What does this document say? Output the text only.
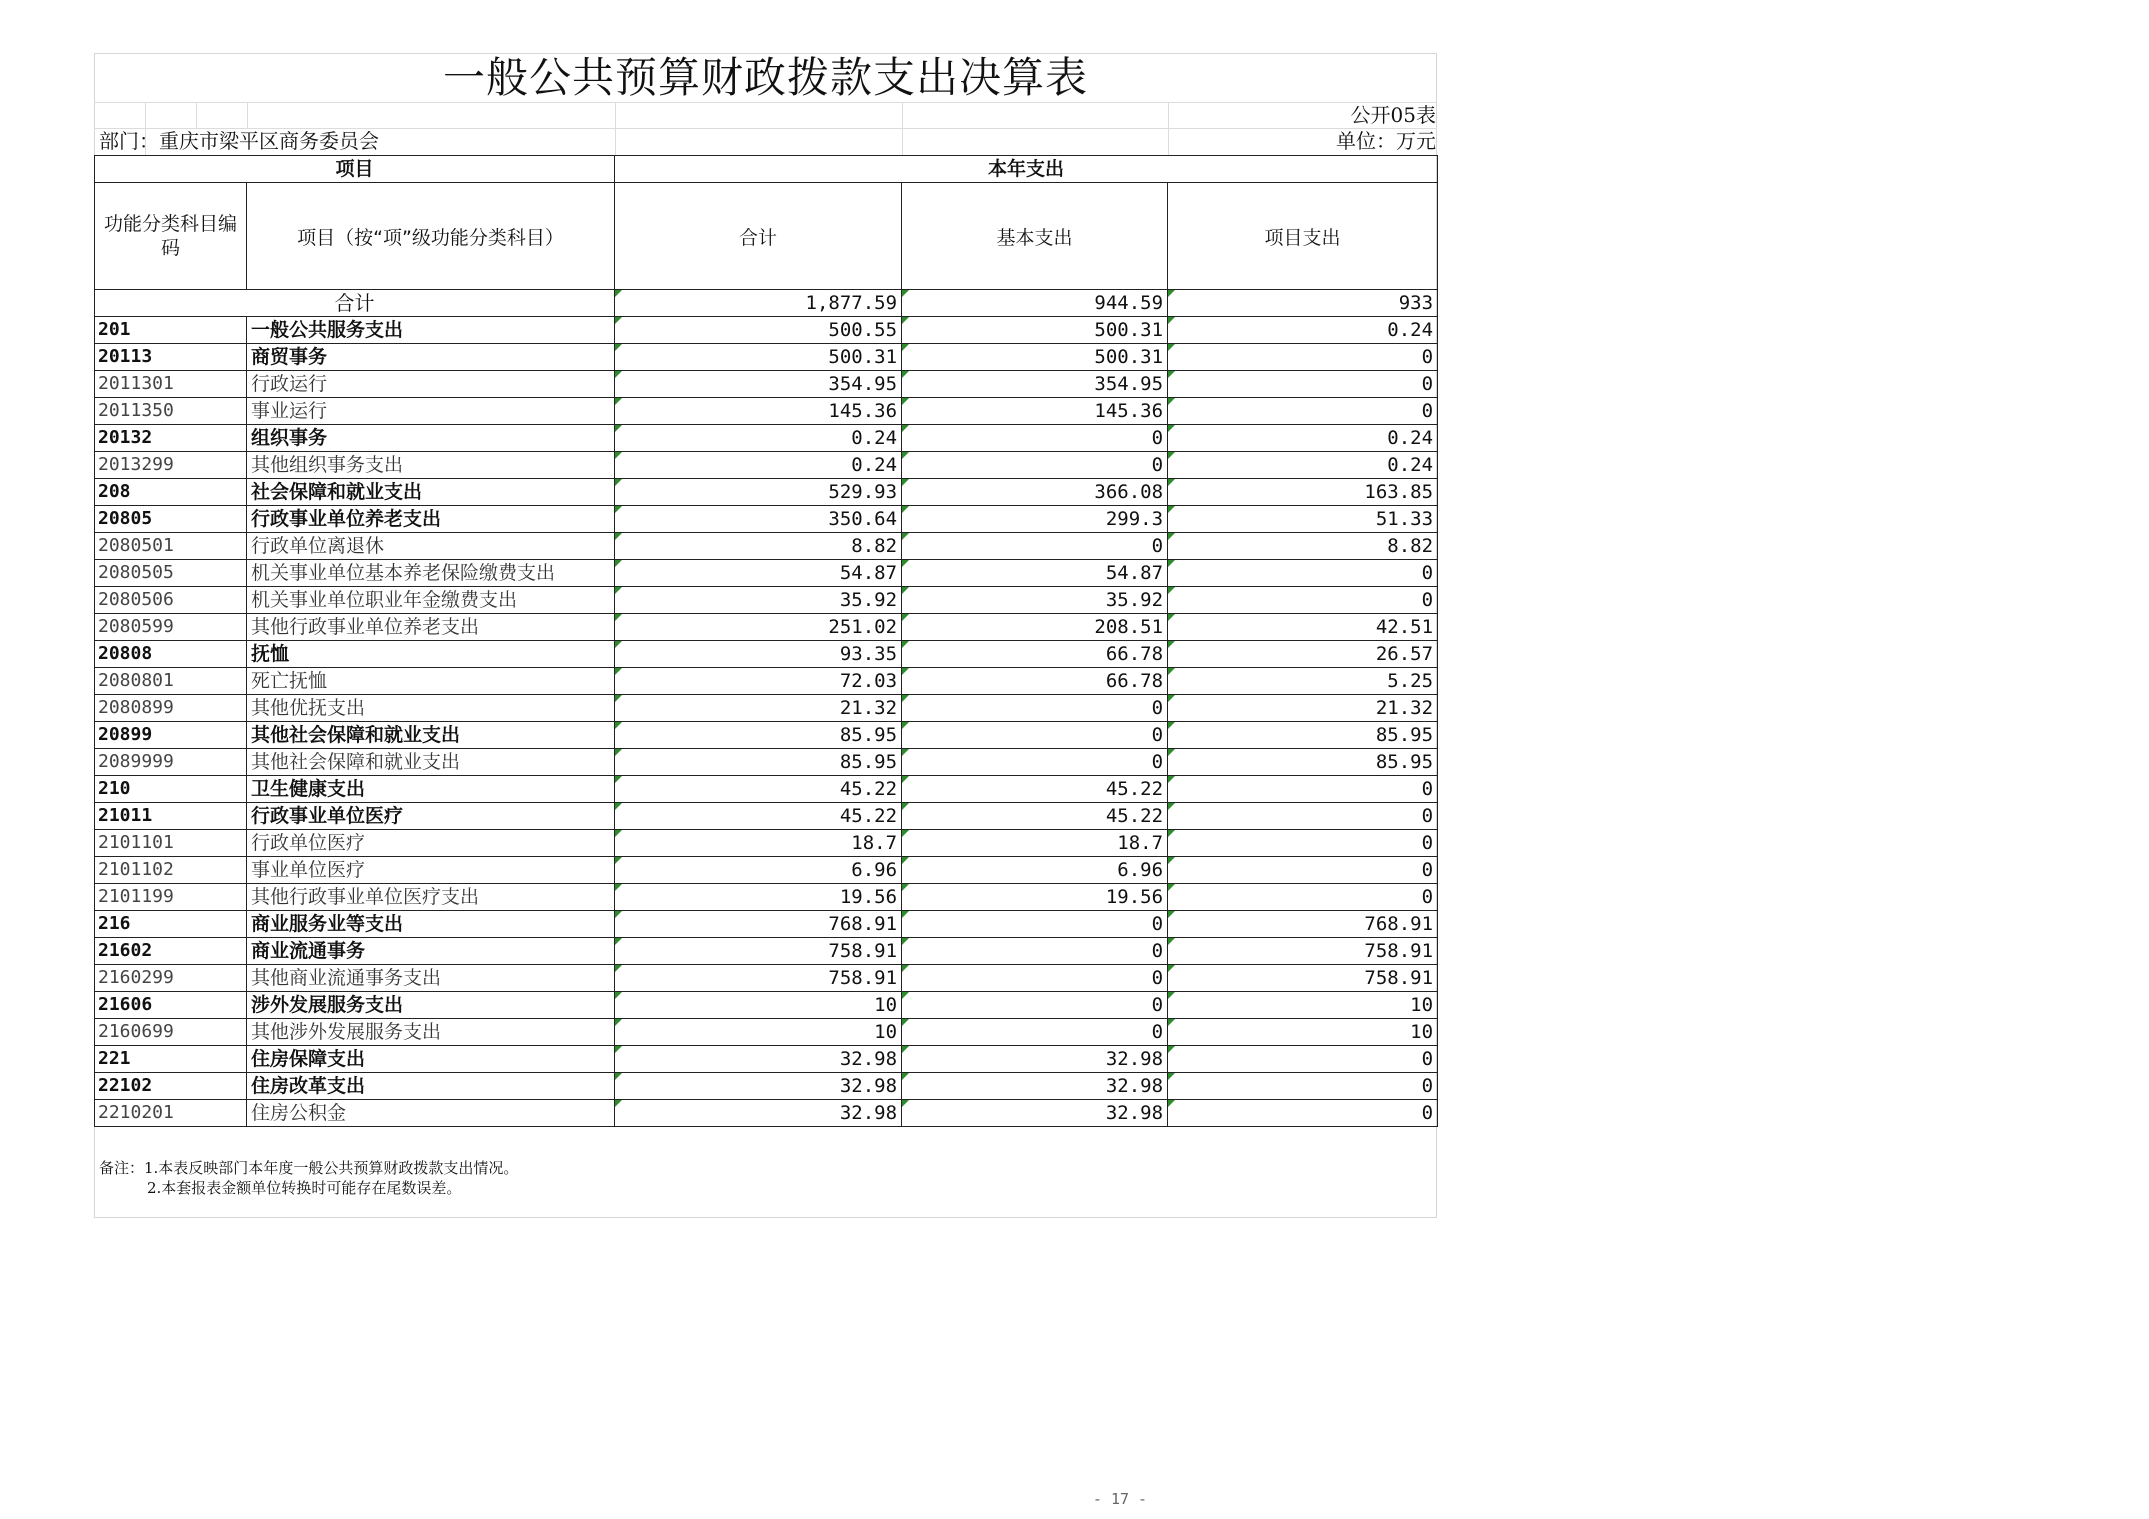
一般公共预算财政拨款支出决算表
公开05表
部门：重庆市梁平区商务委员会	单位：万元
项目		本年支出		
功能分类科目编码	项目（按“项”级功能分类科目）	合计	基本支出	项目支出
合计		1,877.59	944.59	933
201	一般公共服务支出	500.55	500.31	0.24
20113	商贸事务	500.31	500.31	0
2011301	行政运行	354.95	354.95	0
2011350	事业运行	145.36	145.36	0
20132	组织事务	0.24	0	0.24
2013299	其他组织事务支出	0.24	0	0.24
208	社会保障和就业支出	529.93	366.08	163.85
20805	行政事业单位养老支出	350.64	299.3	51.33
2080501	行政单位离退休	8.82	0	8.82
2080505	机关事业单位基本养老保险缴费支出	54.87	54.87	0
2080506	机关事业单位职业年金缴费支出	35.92	35.92	0
2080599	其他行政事业单位养老支出	251.02	208.51	42.51
20808	抚恤	93.35	66.78	26.57
2080801	死亡抚恤	72.03	66.78	5.25
2080899	其他优抚支出	21.32	0	21.32
20899	其他社会保障和就业支出	85.95	0	85.95
2089999	其他社会保障和就业支出	85.95	0	85.95
210	卫生健康支出	45.22	45.22	0
21011	行政事业单位医疗	45.22	45.22	0
2101101	行政单位医疗	18.7	18.7	0
2101102	事业单位医疗	6.96	6.96	0
2101199	其他行政事业单位医疗支出	19.56	19.56	0
216	商业服务业等支出	768.91	0	768.91
21602	商业流通事务	758.91	0	758.91
2160299	其他商业流通事务支出	758.91	0	758.91
21606	涉外发展服务支出	10	0	10
2160699	其他涉外发展服务支出	10	0	10
221	住房保障支出	32.98	32.98	0
22102	住房改革支出	32.98	32.98	0
2210201	住房公积金	32.98	32.98	0
备注：1.本表反映部门本年度一般公共预算财政拨款支出情况。
2.本套报表金额单位转换时可能存在尾数误差。
- 17 -
